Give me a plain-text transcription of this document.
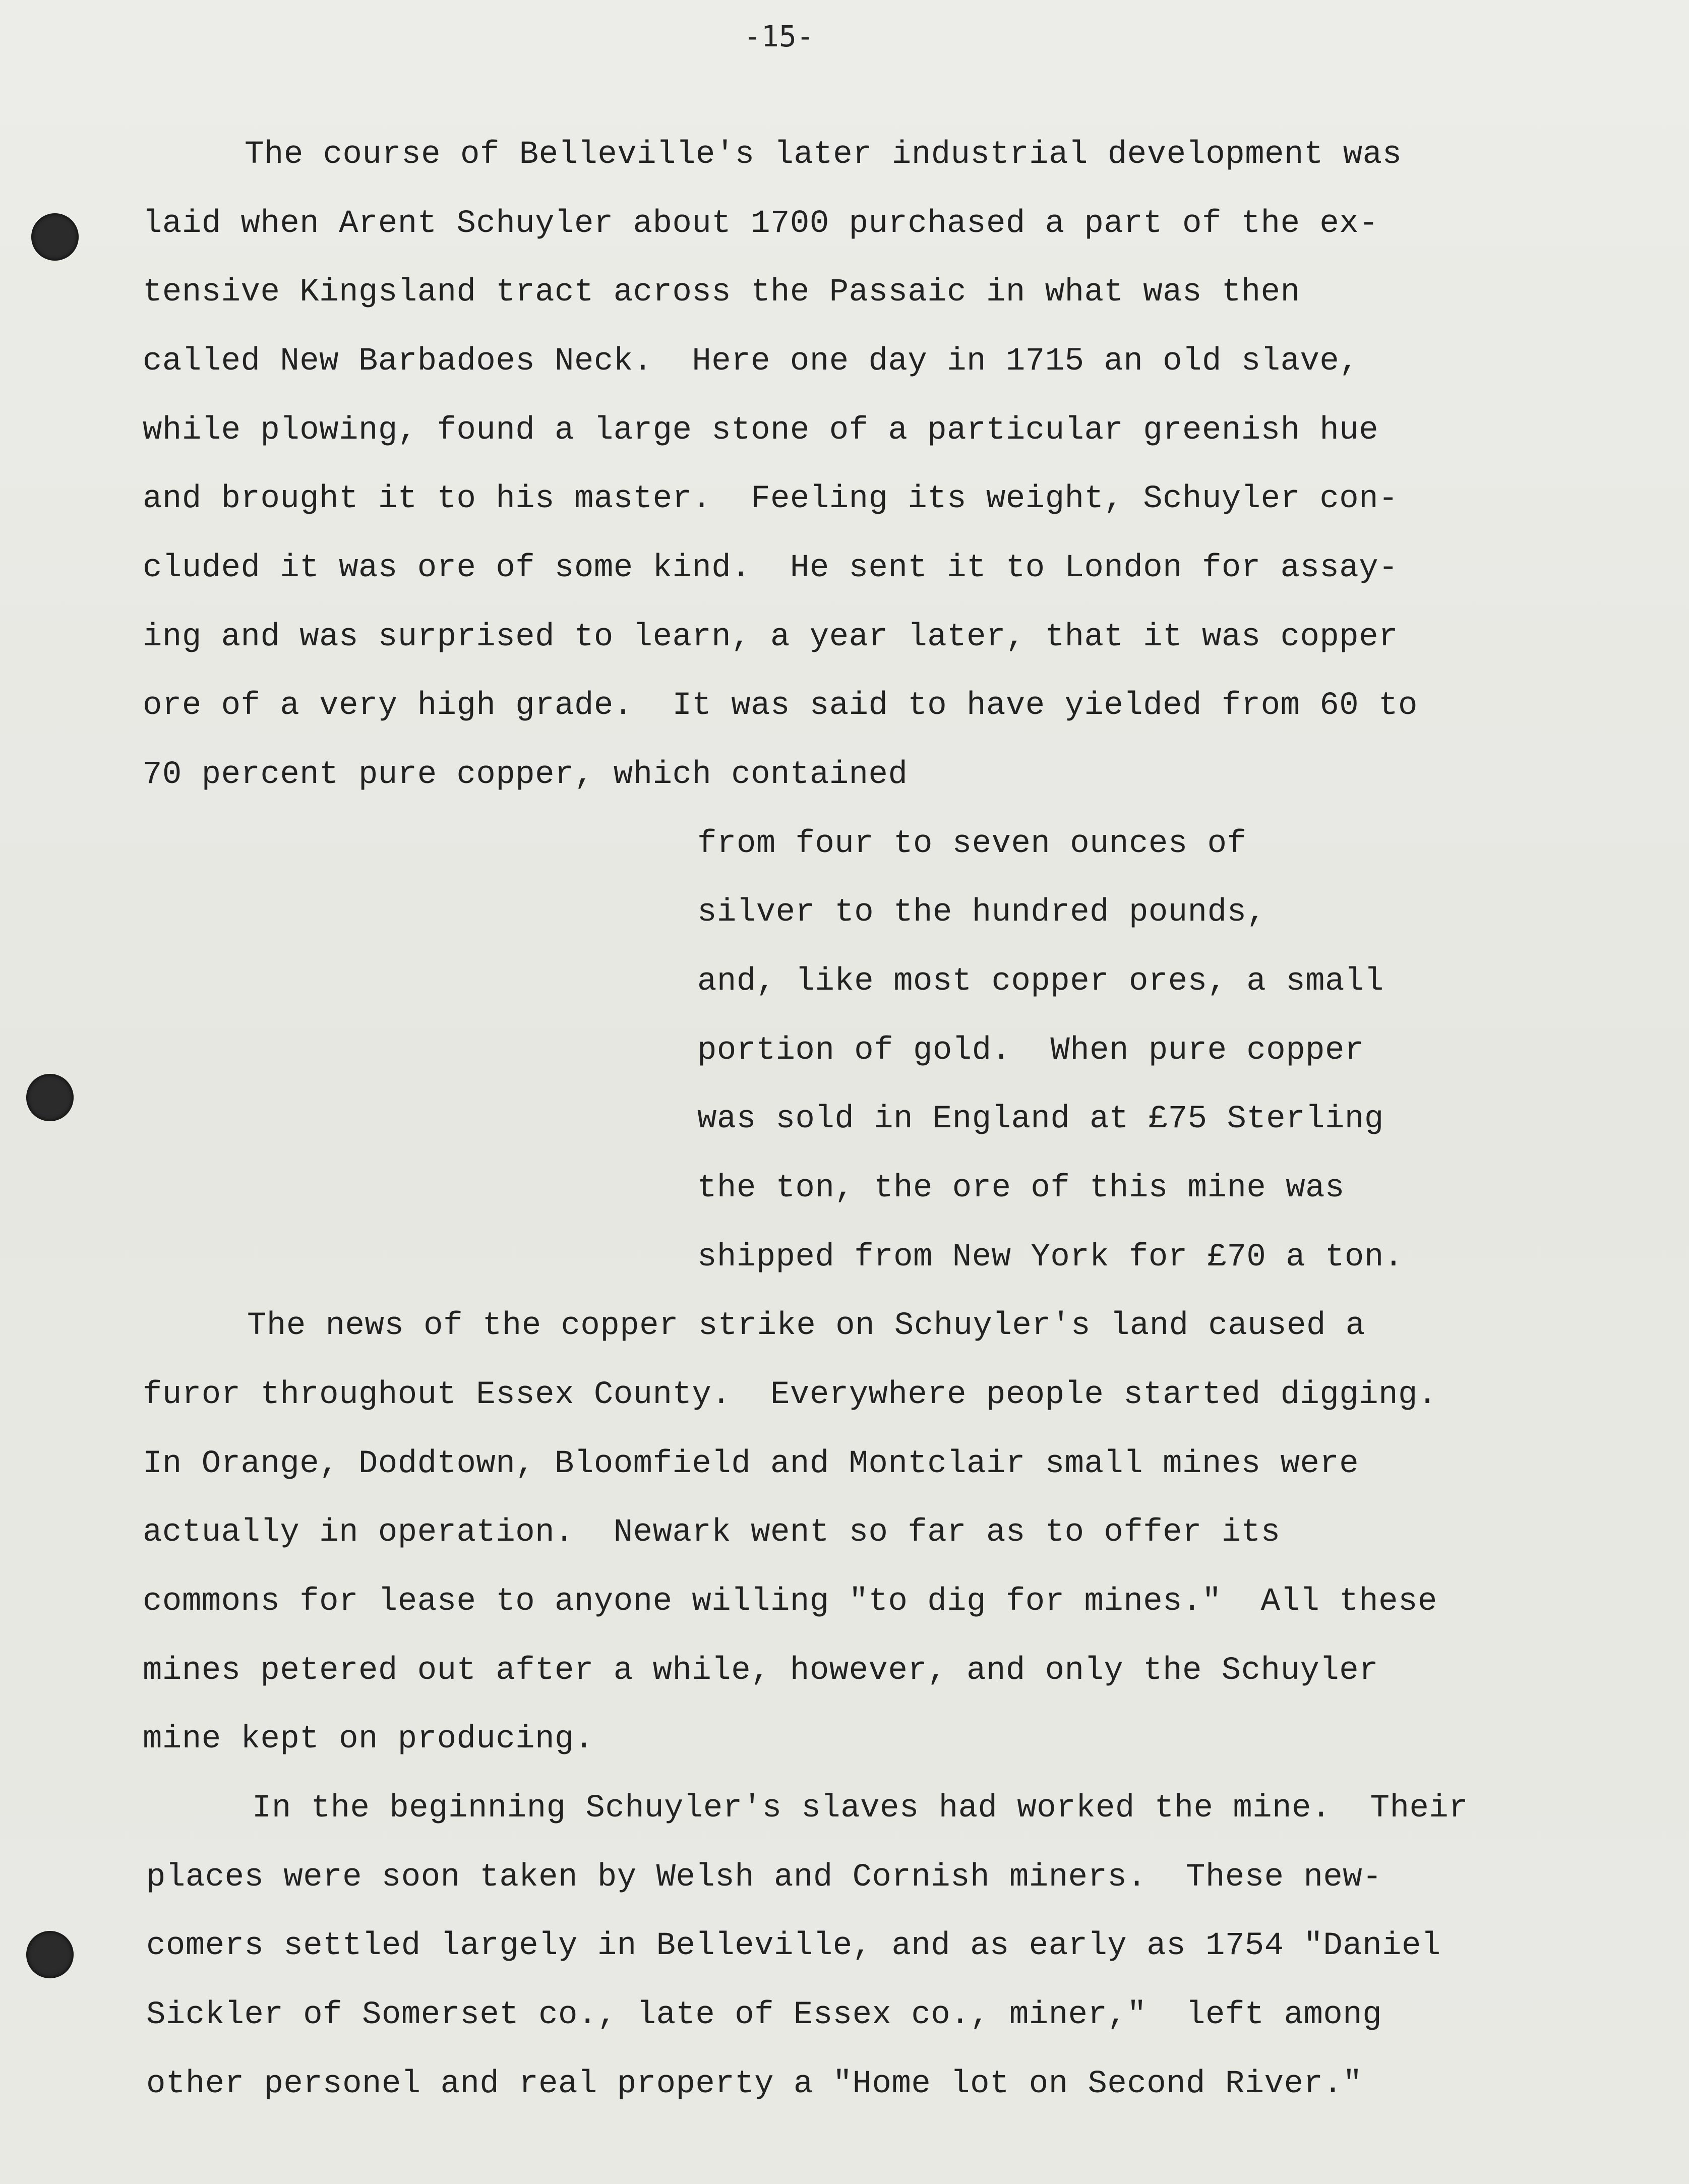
-15-
The course of Belleville's later industrial development was
laid when Arent Schuyler about 1700 purchased a part of the ex-
tensive Kingsland tract across the Passaic in what was then
called New Barbadoes Neck.  Here one day in 1715 an old slave,
while plowing, found a large stone of a particular greenish hue
and brought it to his master.  Feeling its weight, Schuyler con-
cluded it was ore of some kind.  He sent it to London for assay-
ing and was surprised to learn, a year later, that it was copper
ore of a very high grade.  It was said to have yielded from 60 to
70 percent pure copper, which contained
from four to seven ounces of
silver to the hundred pounds,
and, like most copper ores, a small
portion of gold.  When pure copper
was sold in England at £75 Sterling
the ton, the ore of this mine was
shipped from New York for £70 a ton.
The news of the copper strike on Schuyler's land caused a
furor throughout Essex County.  Everywhere people started digging.
In Orange, Doddtown, Bloomfield and Montclair small mines were
actually in operation.  Newark went so far as to offer its
commons for lease to anyone willing "to dig for mines."  All these
mines petered out after a while, however, and only the Schuyler
mine kept on producing.
In the beginning Schuyler's slaves had worked the mine.  Their
places were soon taken by Welsh and Cornish miners.  These new-
comers settled largely in Belleville, and as early as 1754 "Daniel
Sickler of Somerset co., late of Essex co., miner,"  left among
other personel and real property a "Home lot on Second River."
